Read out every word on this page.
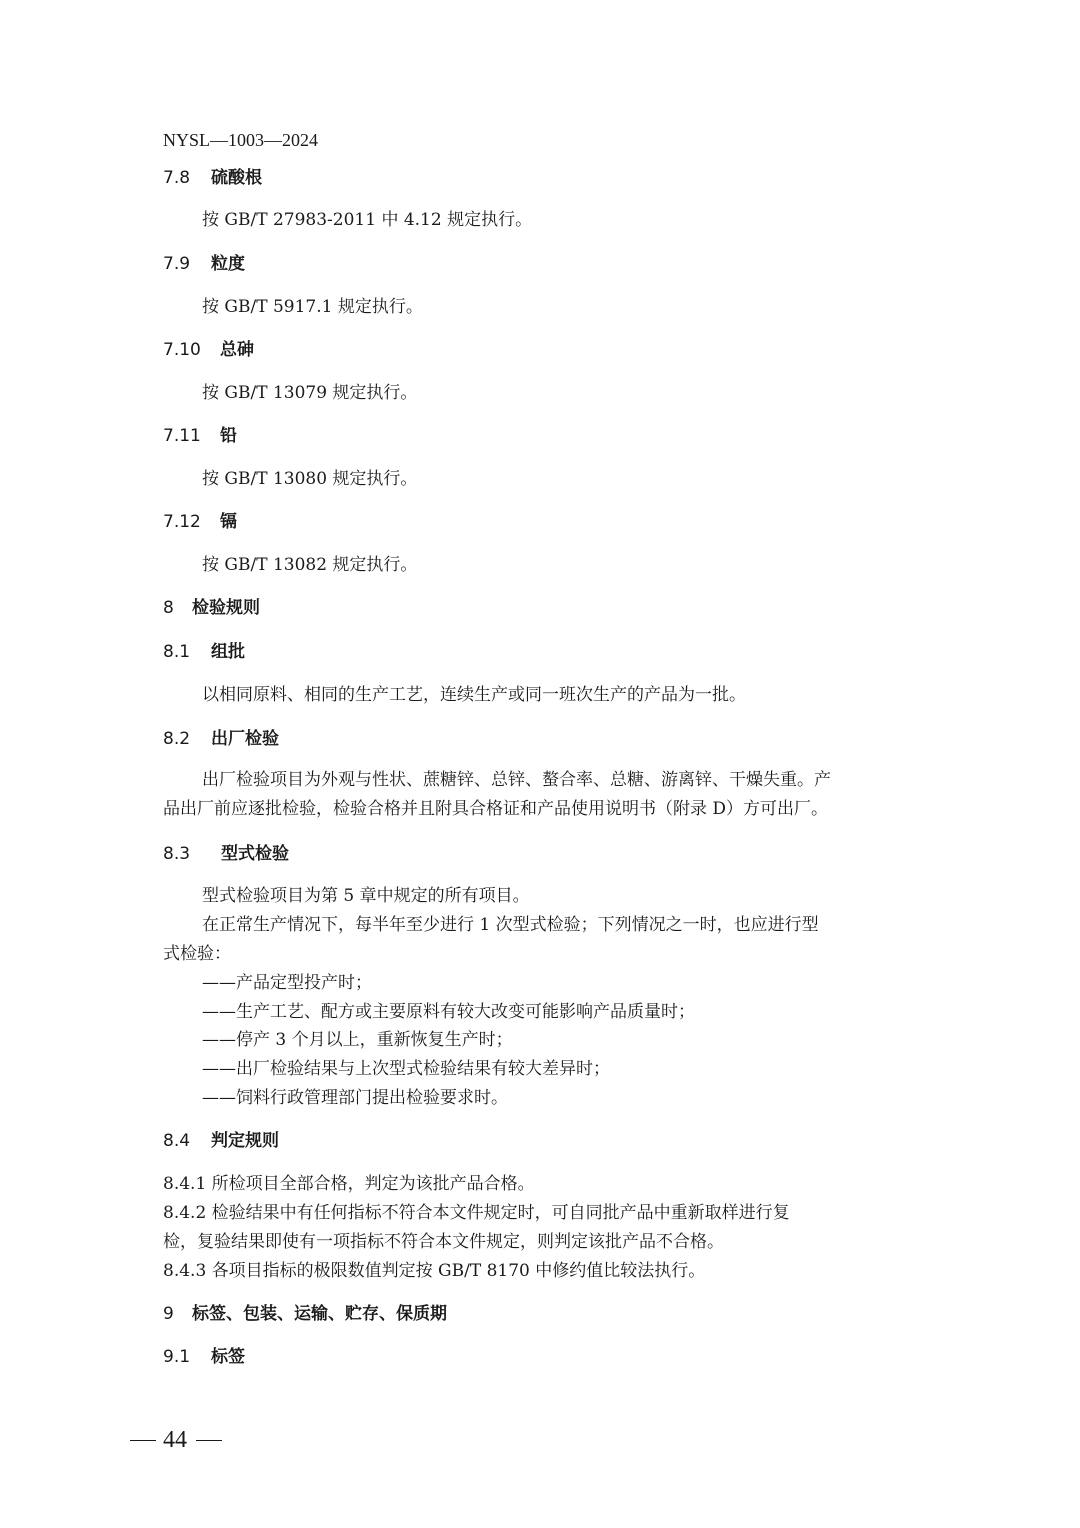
NYSL—1003—2024
7.8 硫酸根
按 GB/T 27983-2011 中 4.12 规定执行。
7.9 粒度
按 GB/T 5917.1 规定执行。
7.10 总砷
按 GB/T 13079 规定执行。
7.11 铅
按 GB/T 13080 规定执行。
7.12 镉
按 GB/T 13082 规定执行。
8 检验规则
8.1 组批
以相同原料、相同的生产工艺，连续生产或同一班次生产的产品为一批。
8.2 出厂检验
出厂检验项目为外观与性状、蔗糖锌、总锌、螯合率、总糖、游离锌、干燥失重。产
品出厂前应逐批检验，检验合格并且附具合格证和产品使用说明书（附录 D）方可出厂。
8.3 型式检验
型式检验项目为第 5 章中规定的所有项目。
在正常生产情况下，每半年至少进行 1 次型式检验；下列情况之一时，也应进行型
式检验：
——产品定型投产时；
——生产工艺、配方或主要原料有较大改变可能影响产品质量时；
——停产 3 个月以上，重新恢复生产时；
——出厂检验结果与上次型式检验结果有较大差异时；
——饲料行政管理部门提出检验要求时。
8.4 判定规则
8.4.1 所检项目全部合格，判定为该批产品合格。
8.4.2 检验结果中有任何指标不符合本文件规定时，可自同批产品中重新取样进行复
检，复验结果即使有一项指标不符合本文件规定，则判定该批产品不合格。
8.4.3 各项目指标的极限数值判定按 GB/T 8170 中修约值比较法执行。
9 标签、包装、运输、贮存、保质期
9.1 标签
44
